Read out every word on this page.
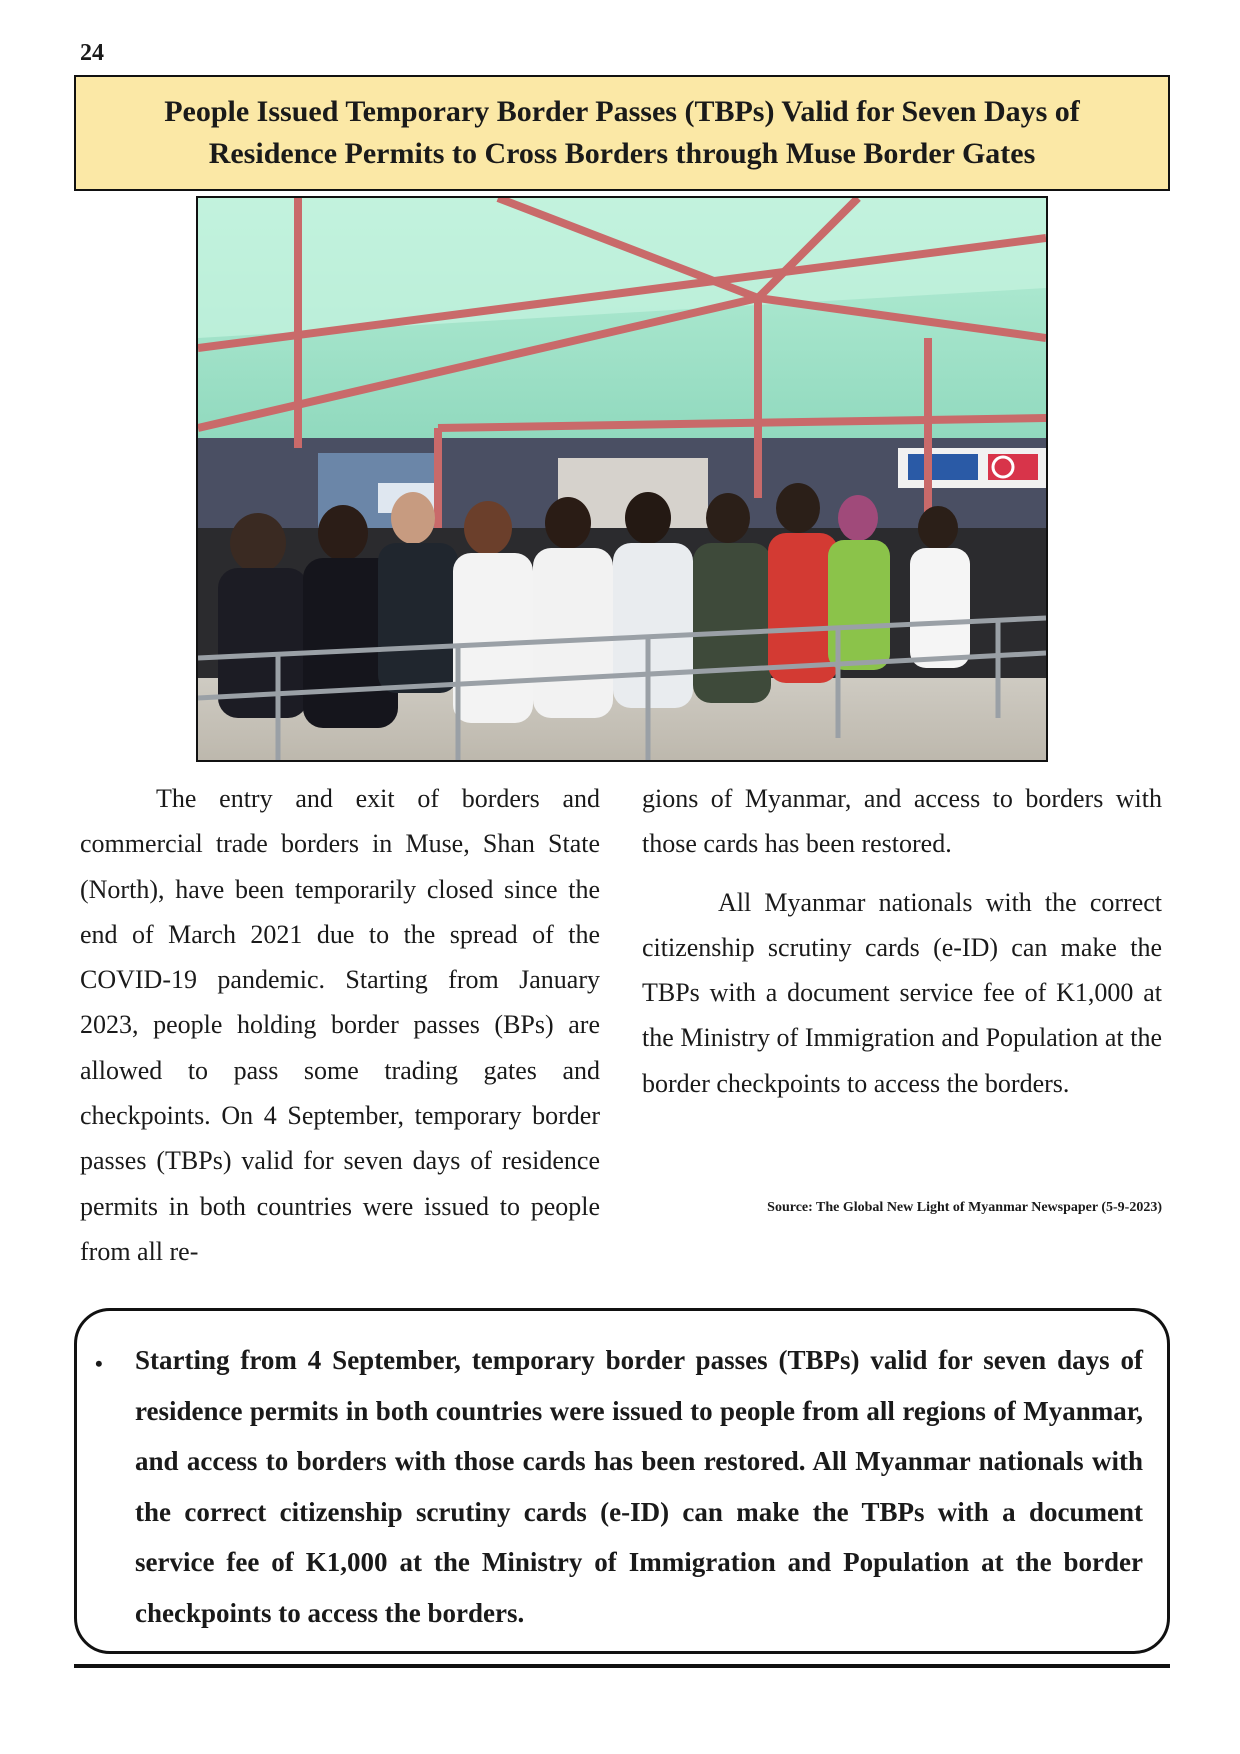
24
People Issued Temporary Border Passes (TBPs) Valid for Seven Days of Residence Permits to Cross Borders through Muse Border Gates

The entry and exit of borders and commercial trade borders in Muse, Shan State (North), have been temporarily closed since the end of March 2021 due to the spread of the COVID-19 pandemic. Starting from January 2023, people holding border passes (BPs) are allowed to pass some trading gates and checkpoints. On 4 September, temporary border passes (TBPs) valid for seven days of residence permits in both countries were issued to people from all re-

gions of Myanmar, and access to borders with those cards has been restored.

All Myanmar nationals with the correct citizenship scrutiny cards (e-ID) can make the TBPs with a document service fee of K1,000 at the Ministry of Immigration and Population at the border checkpoints to access the borders.

Source: The Global New Light of Myanmar Newspaper (5-9-2023)
• Starting from 4 September, temporary border passes (TBPs) valid for seven days of residence permits in both countries were issued to people from all regions of Myanmar, and access to borders with those cards has been restored. All Myanmar nationals with the correct citizenship scrutiny cards (e-ID) can make the TBPs with a document service fee of K1,000 at the Ministry of Immigration and Population at the border checkpoints to access the borders.
